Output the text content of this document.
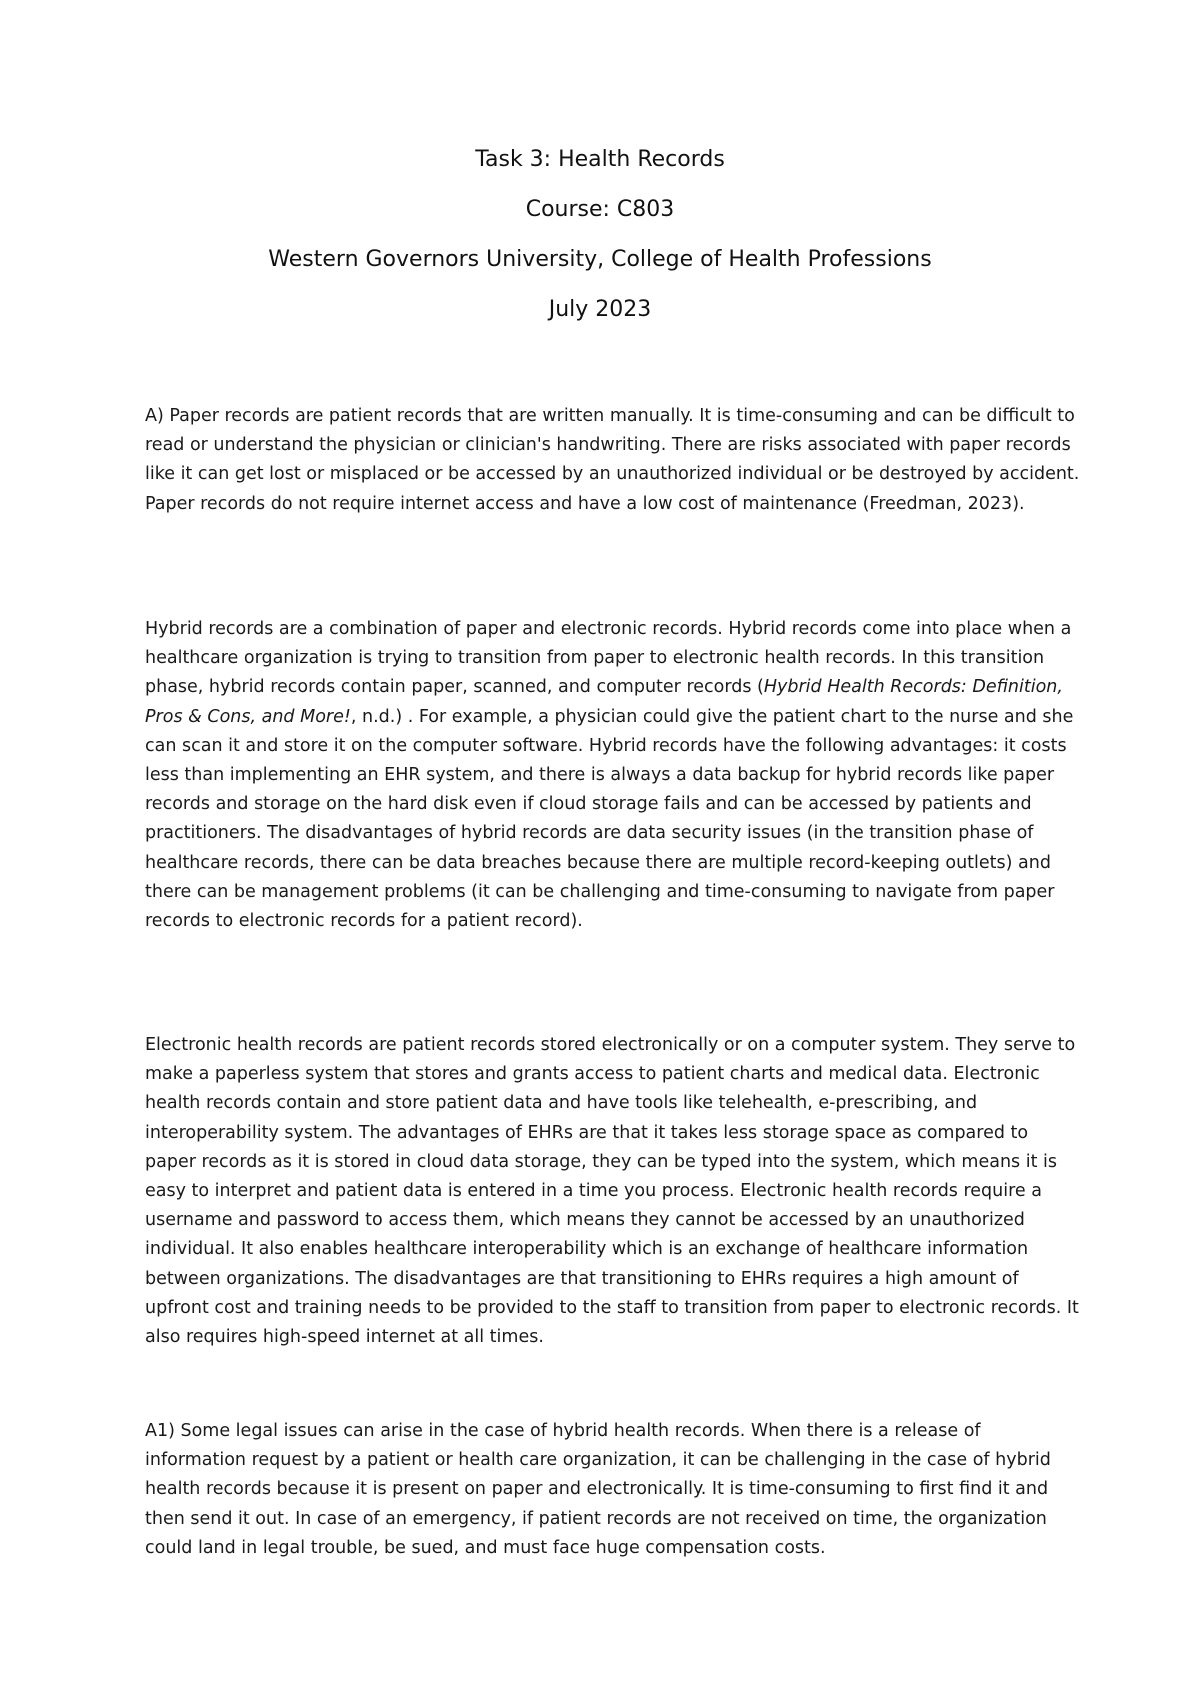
Task 3: Health Records

Course: C803

Western Governors University, College of Health Professions

July 2023

A) Paper records are patient records that are written manually. It is time-consuming and can be difficult to read or understand the physician or clinician's handwriting. There are risks associated with paper records like it can get lost or misplaced or be accessed by an unauthorized individual or be destroyed by accident. Paper records do not require internet access and have a low cost of maintenance (Freedman, 2023).

Hybrid records are a combination of paper and electronic records. Hybrid records come into place when a healthcare organization is trying to transition from paper to electronic health records. In this transition phase, hybrid records contain paper, scanned, and computer records (Hybrid Health Records: Definition, Pros & Cons, and More!, n.d.) . For example, a physician could give the patient chart to the nurse and she can scan it and store it on the computer software. Hybrid records have the following advantages: it costs less than implementing an EHR system, and there is always a data backup for hybrid records like paper records and storage on the hard disk even if cloud storage fails and can be accessed by patients and practitioners. The disadvantages of hybrid records are data security issues (in the transition phase of healthcare records, there can be data breaches because there are multiple record-keeping outlets) and there can be management problems (it can be challenging and time-consuming to navigate from paper records to electronic records for a patient record).

Electronic health records are patient records stored electronically or on a computer system. They serve to make a paperless system that stores and grants access to patient charts and medical data. Electronic health records contain and store patient data and have tools like telehealth, e-prescribing, and interoperability system. The advantages of EHRs are that it takes less storage space as compared to paper records as it is stored in cloud data storage, they can be typed into the system, which means it is easy to interpret and patient data is entered in a time you process. Electronic health records require a username and password to access them, which means they cannot be accessed by an unauthorized individual. It also enables healthcare interoperability which is an exchange of healthcare information between organizations. The disadvantages are that transitioning to EHRs requires a high amount of upfront cost and training needs to be provided to the staff to transition from paper to electronic records. It also requires high-speed internet at all times.

A1) Some legal issues can arise in the case of hybrid health records. When there is a release of information request by a patient or health care organization, it can be challenging in the case of hybrid health records because it is present on paper and electronically. It is time-consuming to first find it and then send it out. In case of an emergency, if patient records are not received on time, the organization could land in legal trouble, be sued, and must face huge compensation costs.
